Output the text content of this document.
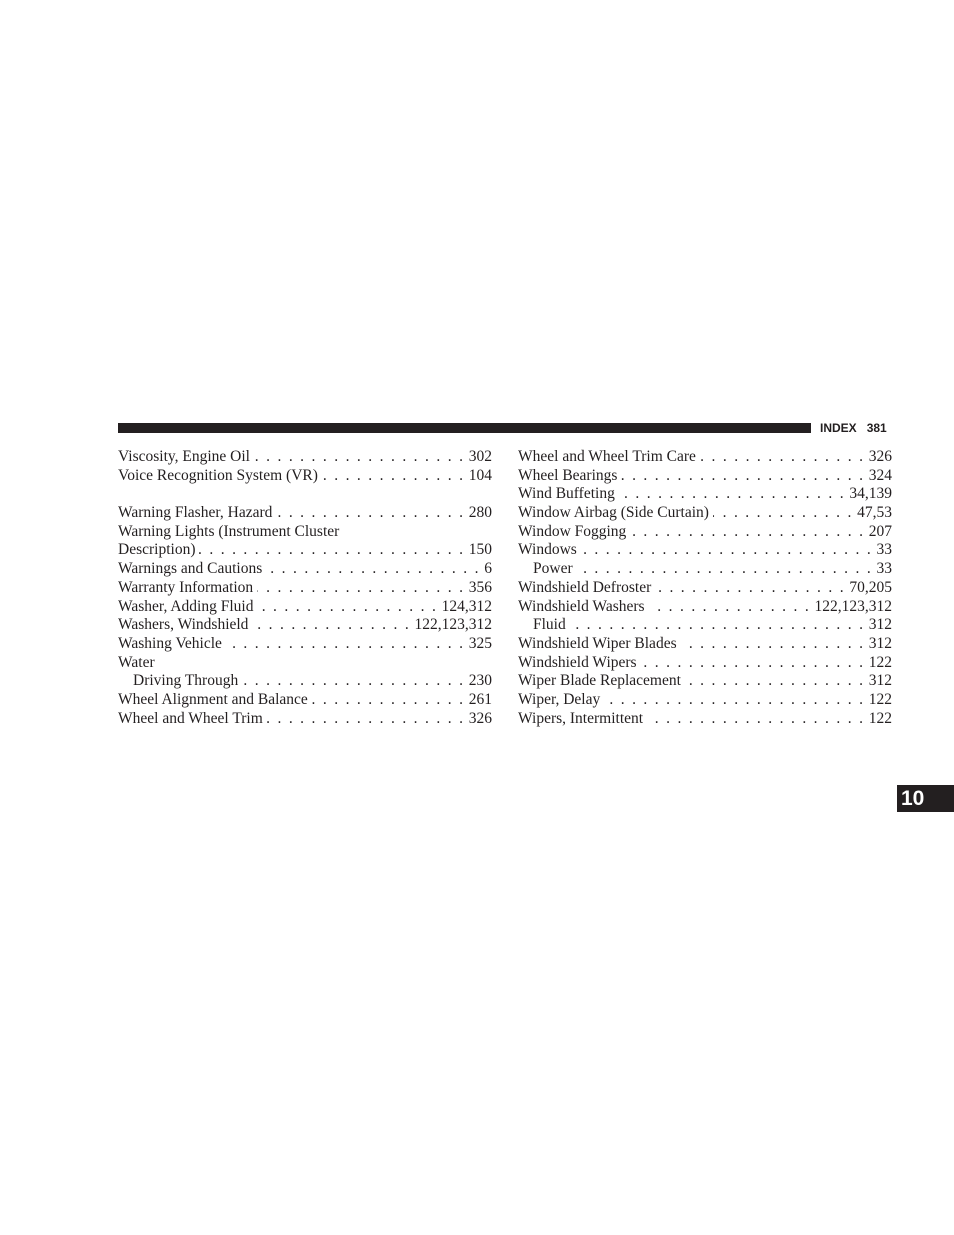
INDEX 381
Viscosity, Engine Oil . . .	302
Voice Recognition System (VR) . . .	104
Warning Flasher, Hazard . . .	280
Warning Lights (Instrument Cluster
Description) . . .	150
Warnings and Cautions . . .	6
Warranty Information . . .	356
Washer, Adding Fluid . . .	124,312
Washers, Windshield . . .	122,123,312
Washing Vehicle . . .	325
Water
Driving Through . . .	230
Wheel Alignment and Balance . . .	261
Wheel and Wheel Trim . . .	326
Wheel and Wheel Trim Care . . .	326
Wheel Bearings . . .	324
Wind Buffeting . . .	34,139
Window Airbag (Side Curtain) . . .	47,53
Window Fogging . . .	207
Windows . . .	33
Power . . .	33
Windshield Defroster . . .	70,205
Windshield Washers . . .	122,123,312
Fluid . . .	312
Windshield Wiper Blades . . .	312
Windshield Wipers . . .	122
Wiper Blade Replacement . . .	312
Wiper, Delay . . .	122
Wipers, Intermittent . . .	122
10
